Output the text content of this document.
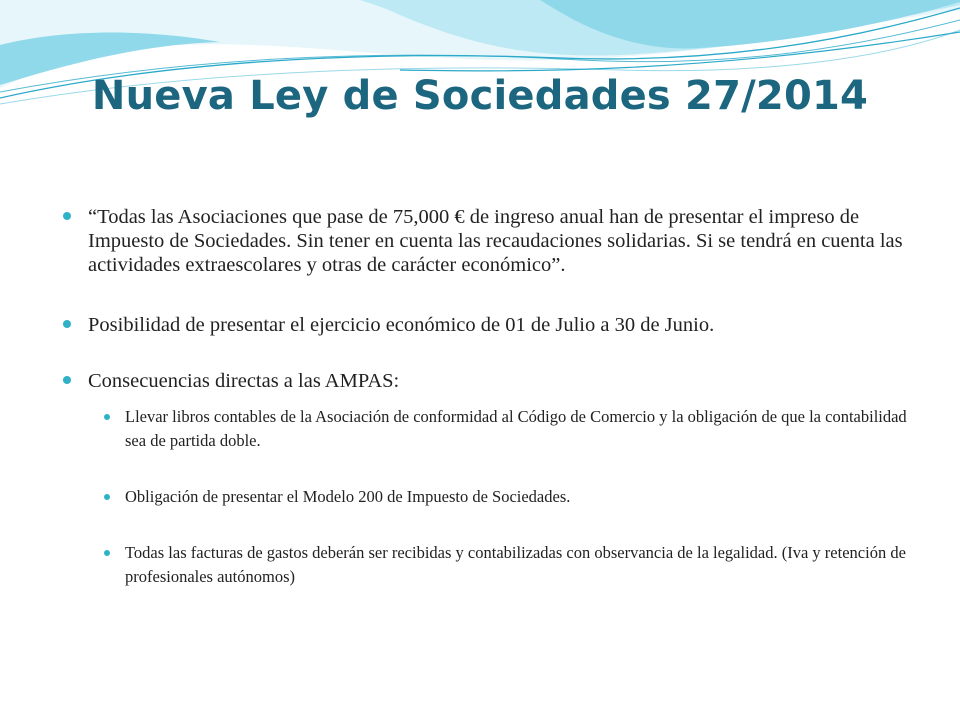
Nueva Ley de Sociedades 27/2014
“Todas las Asociaciones que pase de 75,000 € de ingreso anual han de presentar el impreso de Impuesto de Sociedades. Sin tener en cuenta las recaudaciones solidarias. Si se tendrá en cuenta las actividades extraescolares y otras de carácter económico”.
Posibilidad de presentar el ejercicio económico de 01 de Julio a 30 de Junio.
Consecuencias directas a las AMPAS:
Llevar libros contables de la Asociación de conformidad al Código de Comercio y la obligación de que la contabilidad sea de partida doble.
Obligación de presentar el Modelo 200 de Impuesto de Sociedades.
Todas las facturas de gastos deberán ser recibidas y contabilizadas con observancia de la legalidad. (Iva y retención de profesionales autónomos)
